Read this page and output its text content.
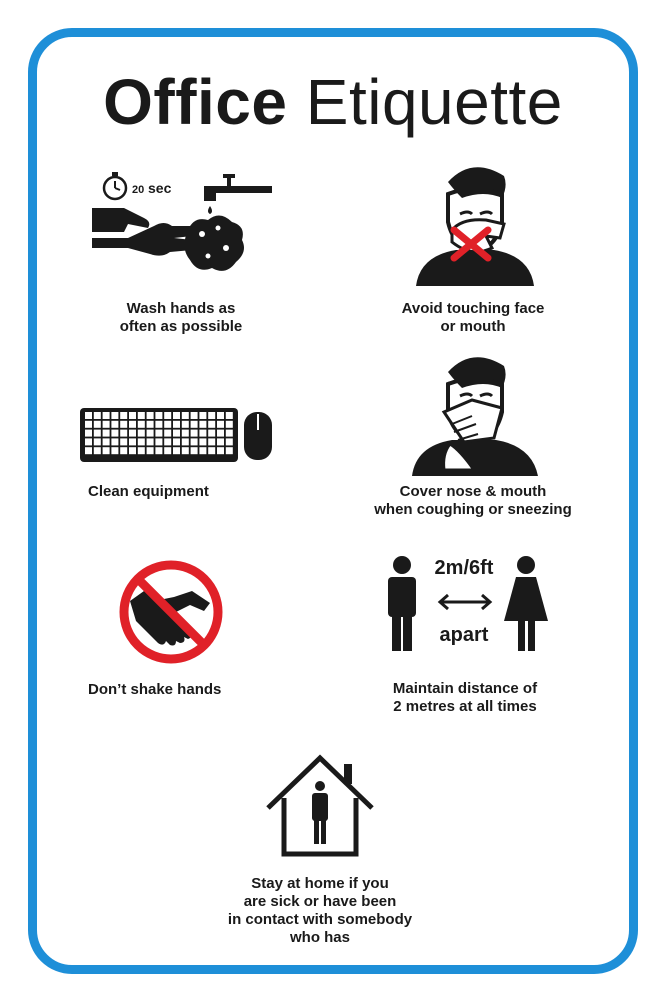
Office Etiquette
20 sec
Wash hands as
often as possible
Avoid touching face
or mouth
Clean equipment	Cover nose & mouth
when coughing or sneezing
Don’t shake hands
2m/6ft
apart
Maintain distance of
2 metres at all times
Stay at home if you
are sick or have been
in contact with somebody
who has
